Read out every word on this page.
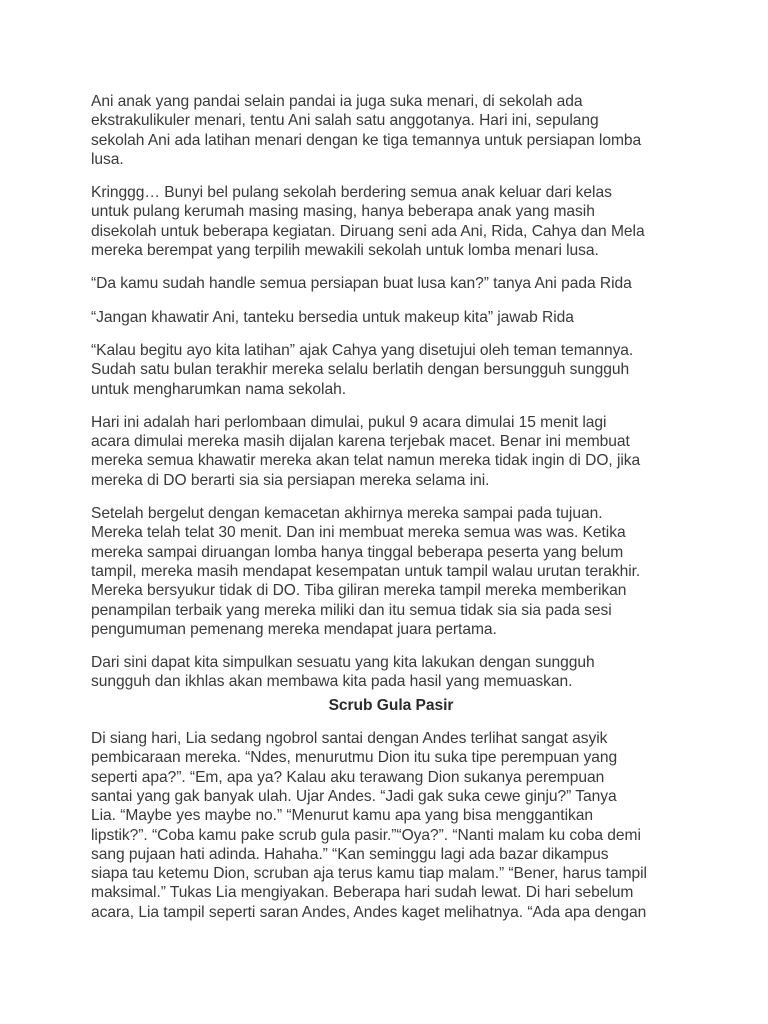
Ani anak yang pandai selain pandai ia juga suka menari, di sekolah ada
ekstrakulikuler menari, tentu Ani salah satu anggotanya. Hari ini, sepulang
sekolah Ani ada latihan menari dengan ke tiga temannya untuk persiapan lomba
lusa.

Kringgg… Bunyi bel pulang sekolah berdering semua anak keluar dari kelas
untuk pulang kerumah masing masing, hanya beberapa anak yang masih
disekolah untuk beberapa kegiatan. Diruang seni ada Ani, Rida, Cahya dan Mela
mereka berempat yang terpilih mewakili sekolah untuk lomba menari lusa.

“Da kamu sudah handle semua persiapan buat lusa kan?” tanya Ani pada Rida

“Jangan khawatir Ani, tanteku bersedia untuk makeup kita” jawab Rida

“Kalau begitu ayo kita latihan” ajak Cahya yang disetujui oleh teman temannya.
Sudah satu bulan terakhir mereka selalu berlatih dengan bersungguh sungguh
untuk mengharumkan nama sekolah.

Hari ini adalah hari perlombaan dimulai, pukul 9 acara dimulai 15 menit lagi
acara dimulai mereka masih dijalan karena terjebak macet. Benar ini membuat
mereka semua khawatir mereka akan telat namun mereka tidak ingin di DO, jika
mereka di DO berarti sia sia persiapan mereka selama ini.

Setelah bergelut dengan kemacetan akhirnya mereka sampai pada tujuan.
Mereka telah telat 30 menit. Dan ini membuat mereka semua was was. Ketika
mereka sampai diruangan lomba hanya tinggal beberapa peserta yang belum
tampil, mereka masih mendapat kesempatan untuk tampil walau urutan terakhir.
Mereka bersyukur tidak di DO. Tiba giliran mereka tampil mereka memberikan
penampilan terbaik yang mereka miliki dan itu semua tidak sia sia pada sesi
pengumuman pemenang mereka mendapat juara pertama.

Dari sini dapat kita simpulkan sesuatu yang kita lakukan dengan sungguh
sungguh dan ikhlas akan membawa kita pada hasil yang memuaskan.

Scrub Gula Pasir

Di siang hari, Lia sedang ngobrol santai dengan Andes terlihat sangat asyik
pembicaraan mereka. “Ndes, menurutmu Dion itu suka tipe perempuan yang
seperti apa?”. “Em, apa ya? Kalau aku terawang Dion sukanya perempuan
santai yang gak banyak ulah. Ujar Andes. “Jadi gak suka cewe ginju?” Tanya
Lia. “Maybe yes maybe no.” “Menurut kamu apa yang bisa menggantikan
lipstik?”. “Coba kamu pake scrub gula pasir.”“Oya?”. “Nanti malam ku coba demi
sang pujaan hati adinda. Hahaha.” “Kan seminggu lagi ada bazar dikampus
siapa tau ketemu Dion, scruban aja terus kamu tiap malam.” “Bener, harus tampil
maksimal.” Tukas Lia mengiyakan. Beberapa hari sudah lewat. Di hari sebelum
acara, Lia tampil seperti saran Andes, Andes kaget melihatnya. “Ada apa dengan
